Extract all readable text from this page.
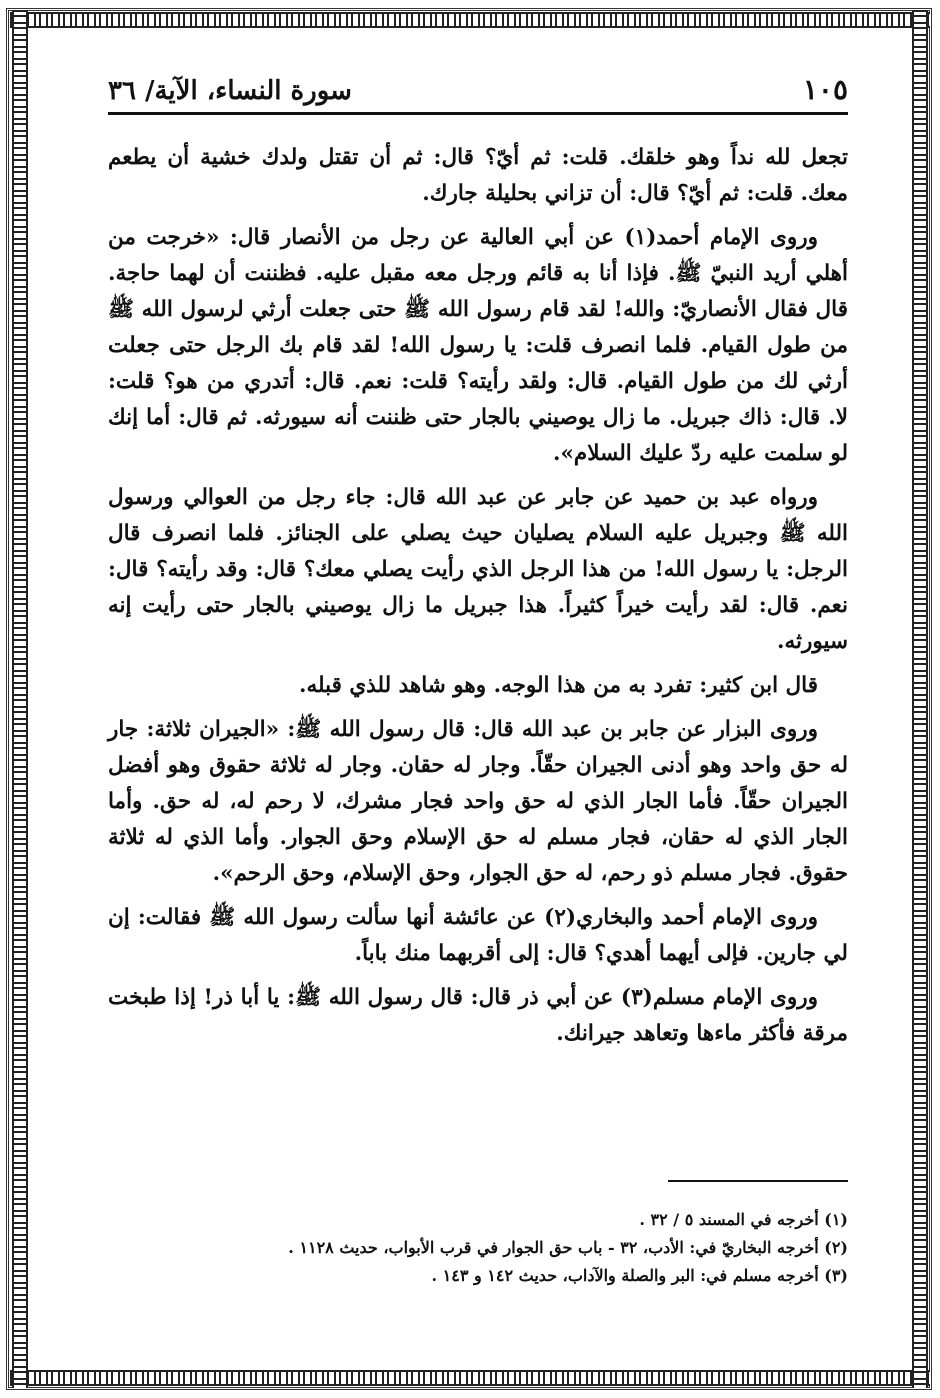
سورة النساء، الآية/ ٣٦	١٠٥

تجعل لله نداً وهو خلقك. قلت: ثم أيّ؟ قال: ثم أن تقتل ولدك خشية أن يطعم معك. قلت: ثم أيّ؟ قال: أن تزاني بحليلة جارك.

وروى الإمام أحمد(١) عن أبي العالية عن رجل من الأنصار قال: «خرجت من أهلي أريد النبيّ ﷺ. فإذا أنا به قائم ورجل معه مقبل عليه. فظننت أن لهما حاجة. قال فقال الأنصاريّ: والله! لقد قام رسول الله ﷺ حتى جعلت أرثي لرسول الله ﷺ من طول القيام. فلما انصرف قلت: يا رسول الله! لقد قام بك الرجل حتى جعلت أرثي لك من طول القيام. قال: ولقد رأيته؟ قلت: نعم. قال: أتدري من هو؟ قلت: لا. قال: ذاك جبريل. ما زال يوصيني بالجار حتى ظننت أنه سيورثه. ثم قال: أما إنك لو سلمت عليه ردّ عليك السلام».

ورواه عبد بن حميد عن جابر عن عبد الله قال: جاء رجل من العوالي ورسول الله ﷺ وجبريل عليه السلام يصليان حيث يصلي على الجنائز. فلما انصرف قال الرجل: يا رسول الله! من هذا الرجل الذي رأيت يصلي معك؟ قال: وقد رأيته؟ قال: نعم. قال: لقد رأيت خيراً كثيراً. هذا جبريل ما زال يوصيني بالجار حتى رأيت إنه سيورثه.

قال ابن كثير: تفرد به من هذا الوجه. وهو شاهد للذي قبله.

وروى البزار عن جابر بن عبد الله قال: قال رسول الله ﷺ: «الجيران ثلاثة: جار له حق واحد وهو أدنى الجيران حقّاً. وجار له حقان. وجار له ثلاثة حقوق وهو أفضل الجيران حقّاً. فأما الجار الذي له حق واحد فجار مشرك، لا رحم له، له حق. وأما الجار الذي له حقان، فجار مسلم له حق الإسلام وحق الجوار. وأما الذي له ثلاثة حقوق. فجار مسلم ذو رحم، له حق الجوار، وحق الإسلام، وحق الرحم».

وروى الإمام أحمد والبخاري(٢) عن عائشة أنها سألت رسول الله ﷺ فقالت: إن لي جارين. فإلى أيهما أهدي؟ قال: إلى أقربهما منك باباً.

وروى الإمام مسلم(٣) عن أبي ذر قال: قال رسول الله ﷺ: يا أبا ذر! إذا طبخت مرقة فأكثر ماءها وتعاهد جيرانك.

(١) أخرجه في المسند ٥ / ٣٢ .

(٢) أخرجه البخاريّ في: الأدب، ٣٢ - باب حق الجوار في قرب الأبواب، حديث ١١٢٨ .

(٣) أخرجه مسلم في: البر والصلة والآداب، حديث ١٤٢ و ١٤٣ .
